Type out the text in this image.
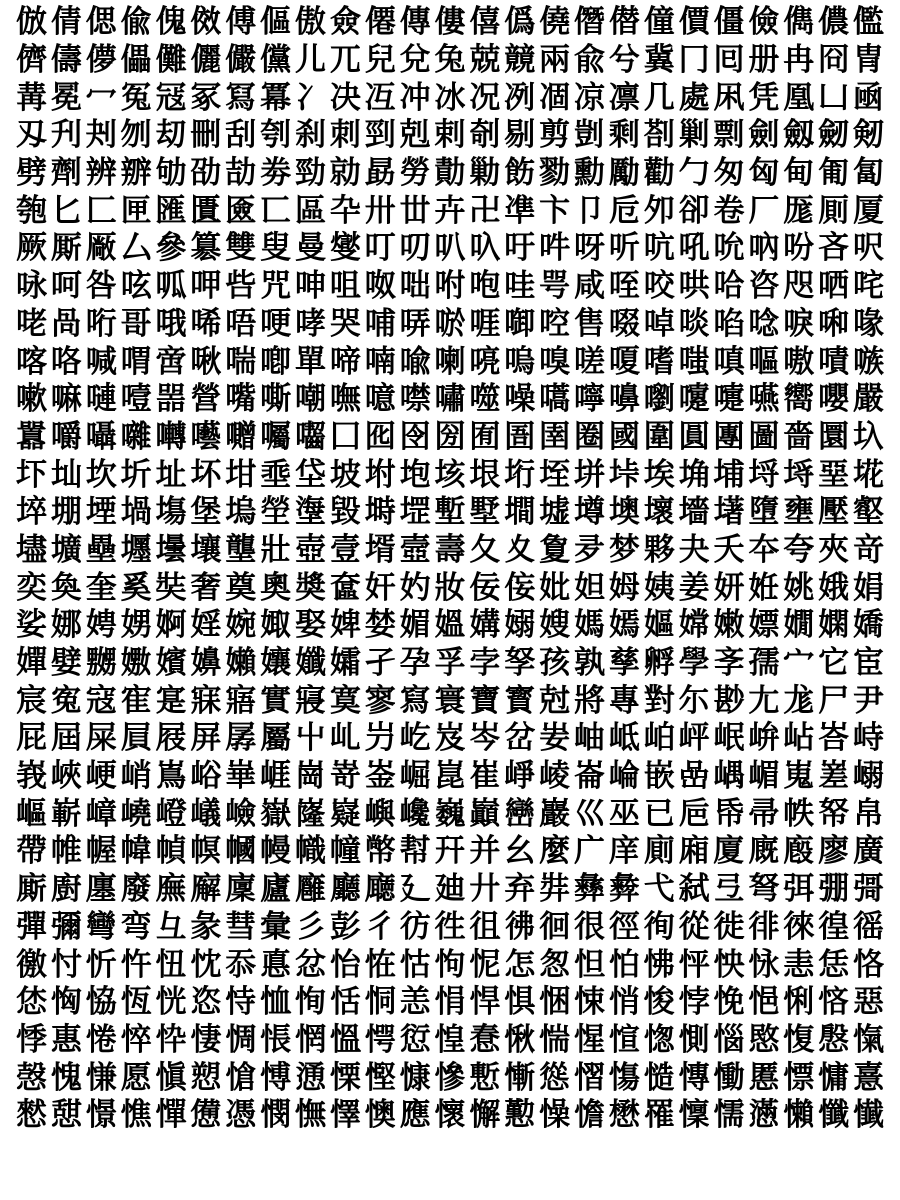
倣 倩 偲 偸 傀 傚 傅 傴 傲 僉 僊 傳 僂 僖 僞 僥 僭 僣 僮 價 僵 儉 儁 儂 儖
儕 儔 儚 儡 儺 儷 儼 儻 儿 兀 兒 兌 兔 兢 竸 兩 兪 兮 冀 冂 囘 册 冉 冏 冑
冓 冕 冖 冤 冦 冢 冩 冪 冫 决 冱 冲 冰 况 冽 凅 凉 凛 几 處 凩 凭 凰 凵 凾
刄 刋 刔 刎 刧 刪 刮 刳 刹 刺 剄 剋 剌 剞 剔 剪 剴 剩 剳 剿 剽 劍 劔 劒 剱
劈 劑 辨 辧 劬 劭 劼 劵 勁 勍 勗 勞 勣 勦 飭 勠 勳 勵 勸 勹 匆 匈 甸 匍 匐
匏 匕 匚 匣 匯 匱 匳 匸 區 卆 卅 丗 卉 卍 凖 卞 卩 卮 夘 卻 卷 厂 厖 厠 厦
厥 厮 厰 厶 參 簒 雙 叟 曼 燮 叮 叨 叭 叺 吁 吽 呀 听 吭 吼 吮 吶 吩 吝 呎
咏 呵 咎 呟 呱 呷 呰 咒 呻 咀 呶 咄 咐 咆 哇 咢 咸 咥 咬 哄 哈 咨 咫 哂 咤
咾 咼 哘 哥 哦 唏 唔 哽 哮 哭 哺 哢 唹 啀 啣 啌 售 啜 啅 啖 啗 唸 唳 啝 喙
喀 咯 喊 喟 啻 啾 喘 喞 單 啼 喃 喩 喇 喨 嗚 嗅 嗟 嗄 嗜 嗤 嗔 嘔 嗷 嘖 嗾
嗽 嘛 嗹 噎 噐 營 嘴 嘶 嘲 嘸 噫 噤 嘯 噬 噪 嚆 嚀 嚊 嚠 嚔 嚏 嚥 嚮 嚶 嚴
囂 嚼 囁 囃 囀 囈 囎 囑 囓 囗 囮 囹 圀 囿 圄 圉 圈 國 圍 圓 團 圖 嗇 圜 圦
圷 圸 坎 圻 址 坏 坩 埀 垈 坡 坿 垉 垓 垠 垳 垤 垪 垰 埃 埆 埔 埒 埓 堊 埖
埣 堋 堙 堝 塲 堡 塢 塋 塰 毀 塒 堽 塹 墅 墹 墟 墫 墺 壞 墻 墸 墮 壅 壓 壑
壗 壙 壘 壥 壜 壤 壟 壯 壺 壹 壻 壼 壽 夂 夊 夐 夛 梦 夥 夬 夭 夲 夸 夾 竒
奕 奐 奎 奚 奘 奢 奠 奧 奬 奩 奸 妁 妝 佞 侫 妣 妲 姆 姨 姜 妍 姙 姚 娥 娟
娑 娜 娉 娚 婀 婬 婉 娵 娶 婢 婪 媚 媼 媾 嫋 嫂 媽 嫣 嫗 嫦 嫩 嫖 嫺 嫻 嬌
嬋 嬖 嬲 嫐 嬪 嬶 嬾 孃 孅 孀 孑 孕 孚 孛 孥 孩 孰 孳 孵 學 斈 孺 宀 它 宦
宸 寃 寇 寉 寔 寐 寤 實 寢 寞 寥 寫 寰 寶 寳 尅 將 專 對 尓 尠 尢 尨 尸 尹
屁 屆 屎 屓 屐 屏 孱 屬 屮 乢 屶 屹 岌 岑 岔 妛 岫 岻 岶 岼 岷 峅 岾 峇 峙
峩 峽 峺 峭 嶌 峪 崋 崕 崗 嵜 崟 崛 崑 崔 崢 崚 崙 崘 嵌 嵒 嵎 嵋 嵬 嵳 嵶
嶇 嶄 嶂 嶢 嶝 嶬 嶮 嶽 嶐 嶷 嶼 巉 巍 巓 巒 巖 巛 巫 已 巵 帋 帚 帙 帑 帛
帶 帷 幄 幃 幀 幎 幗 幔 幟 幢 幤 幇 幵 并 幺 麼 广 庠 廁 廂 廈 廐 廏 廖 廣
廝 廚 廛 廢 廡 廨 廩 廬 廱 廳 廰 廴 廸 廾 弃 弉 彝 彜 弋 弑 弖 弩 弭 弸 彁
彈 彌 彎 弯 彑 彖 彗 彙 彡 彭 彳 彷 徃 徂 彿 徊 很 徑 徇 從 徙 徘 徠 徨 徭
徼 忖 忻 忤 忸 忱 忝 悳 忿 怡 恠 怙 怐 怩 怎 怱 怛 怕 怫 怦 怏 怺 恚 恁 恪
恷 恟 恊 恆 恍 恣 恃 恤 恂 恬 恫 恙 悁 悍 惧 悃 悚 悄 悛 悖 悗 悒 悧 悋 惡
悸 惠 惓 悴 忰 悽 惆 悵 惘 慍 愕 愆 惶 惷 愀 惴 惺 愃 愡 惻 惱 愍 愎 慇 愾
愨 愧 慊 愿 愼 愬 愴 愽 慂 慄 慳 慷 慘 慙 慚 慫 慴 慯 慥 慱 慟 慝 慓 慵 憙
憖 憇 憬 憔 憚 憊 憑 憫 憮 懌 懊 應 懷 懈 懃 懆 憺 懋 罹 懍 懦 懣 懶 懺 懴
